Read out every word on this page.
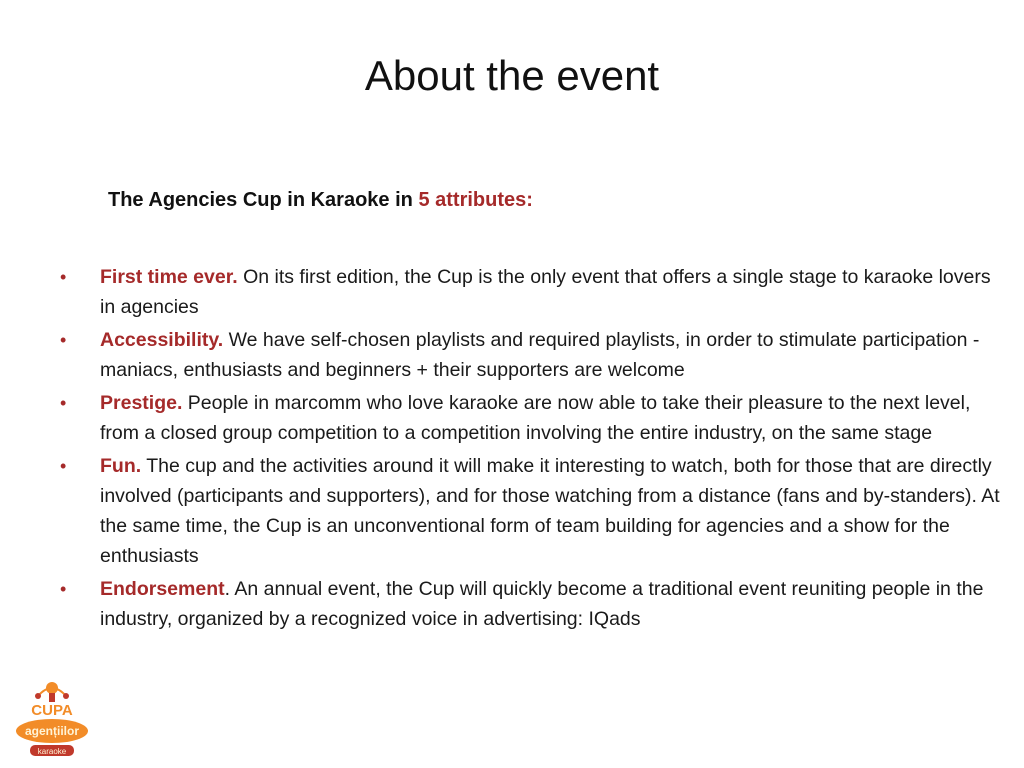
About the event
The Agencies Cup in Karaoke in 5 attributes:
• First time ever. On its first edition, the Cup is the only event that offers a single stage to karaoke lovers in agencies
• Accessibility. We have self-chosen playlists and required playlists, in order to stimulate participation - maniacs, enthusiasts and beginners + their supporters are welcome
• Prestige. People in marcomm who love karaoke are now able to take their pleasure to the next level, from a closed group competition to a competition involving the entire industry, on the same stage
• Fun. The cup and the activities around it will make it interesting to watch, both for those that are directly involved (participants and supporters), and for those watching from a distance (fans and by-standers). At the same time, the Cup is an unconventional form of team building for agencies and a show for the enthusiasts
• Endorsement. An annual event, the Cup will quickly become a traditional event reuniting people in the industry, organized by a recognized voice in advertising: IQads
CUPA
agențiilor
karaoke
